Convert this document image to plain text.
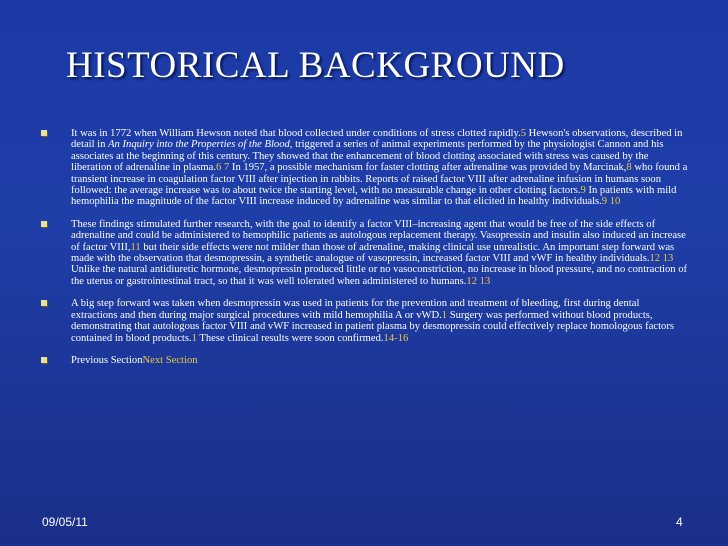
HISTORICAL BACKGROUND
It was in 1772 when William Hewson noted that blood collected under conditions of stress clotted rapidly.5 Hewson's observations, described in detail in An Inquiry into the Properties of the Blood, triggered a series of animal experiments performed by the physiologist Cannon and his associates at the beginning of this century. They showed that the enhancement of blood clotting associated with stress was caused by the liberation of adrenaline in plasma.6 7 In 1957, a possible mechanism for faster clotting after adrenaline was provided by Marcinak,8 who found a transient increase in coagulation factor VIII after injection in rabbits. Reports of raised factor VIII after adrenaline infusion in humans soon followed: the average increase was to about twice the starting level, with no measurable change in other clotting factors.9 In patients with mild hemophilia the magnitude of the factor VIII increase induced by adrenaline was similar to that elicited in healthy individuals.9 10
These findings stimulated further research, with the goal to identify a factor VIII–increasing agent that would be free of the side effects of adrenaline and could be administered to hemophilic patients as autologous replacement therapy. Vasopressin and insulin also induced an increase of factor VIII,11 but their side effects were not milder than those of adrenaline, making clinical use unrealistic. An important step forward was made with the observation that desmopressin, a synthetic analogue of vasopressin, increased factor VIII and vWF in healthy individuals.12 13 Unlike the natural antidiuretic hormone, desmopressin produced little or no vasoconstriction, no increase in blood pressure, and no contraction of the uterus or gastrointestinal tract, so that it was well tolerated when administered to humans.12 13
A big step forward was taken when desmopressin was used in patients for the prevention and treatment of bleeding, first during dental extractions and then during major surgical procedures with mild hemophilia A or vWD.1 Surgery was performed without blood products, demonstrating that autologous factor VIII and vWF increased in patient plasma by desmopressin could effectively replace homologous factors contained in blood products.1 These clinical results were soon confirmed.14-16
Previous SectionNext Section
09/05/11	4
